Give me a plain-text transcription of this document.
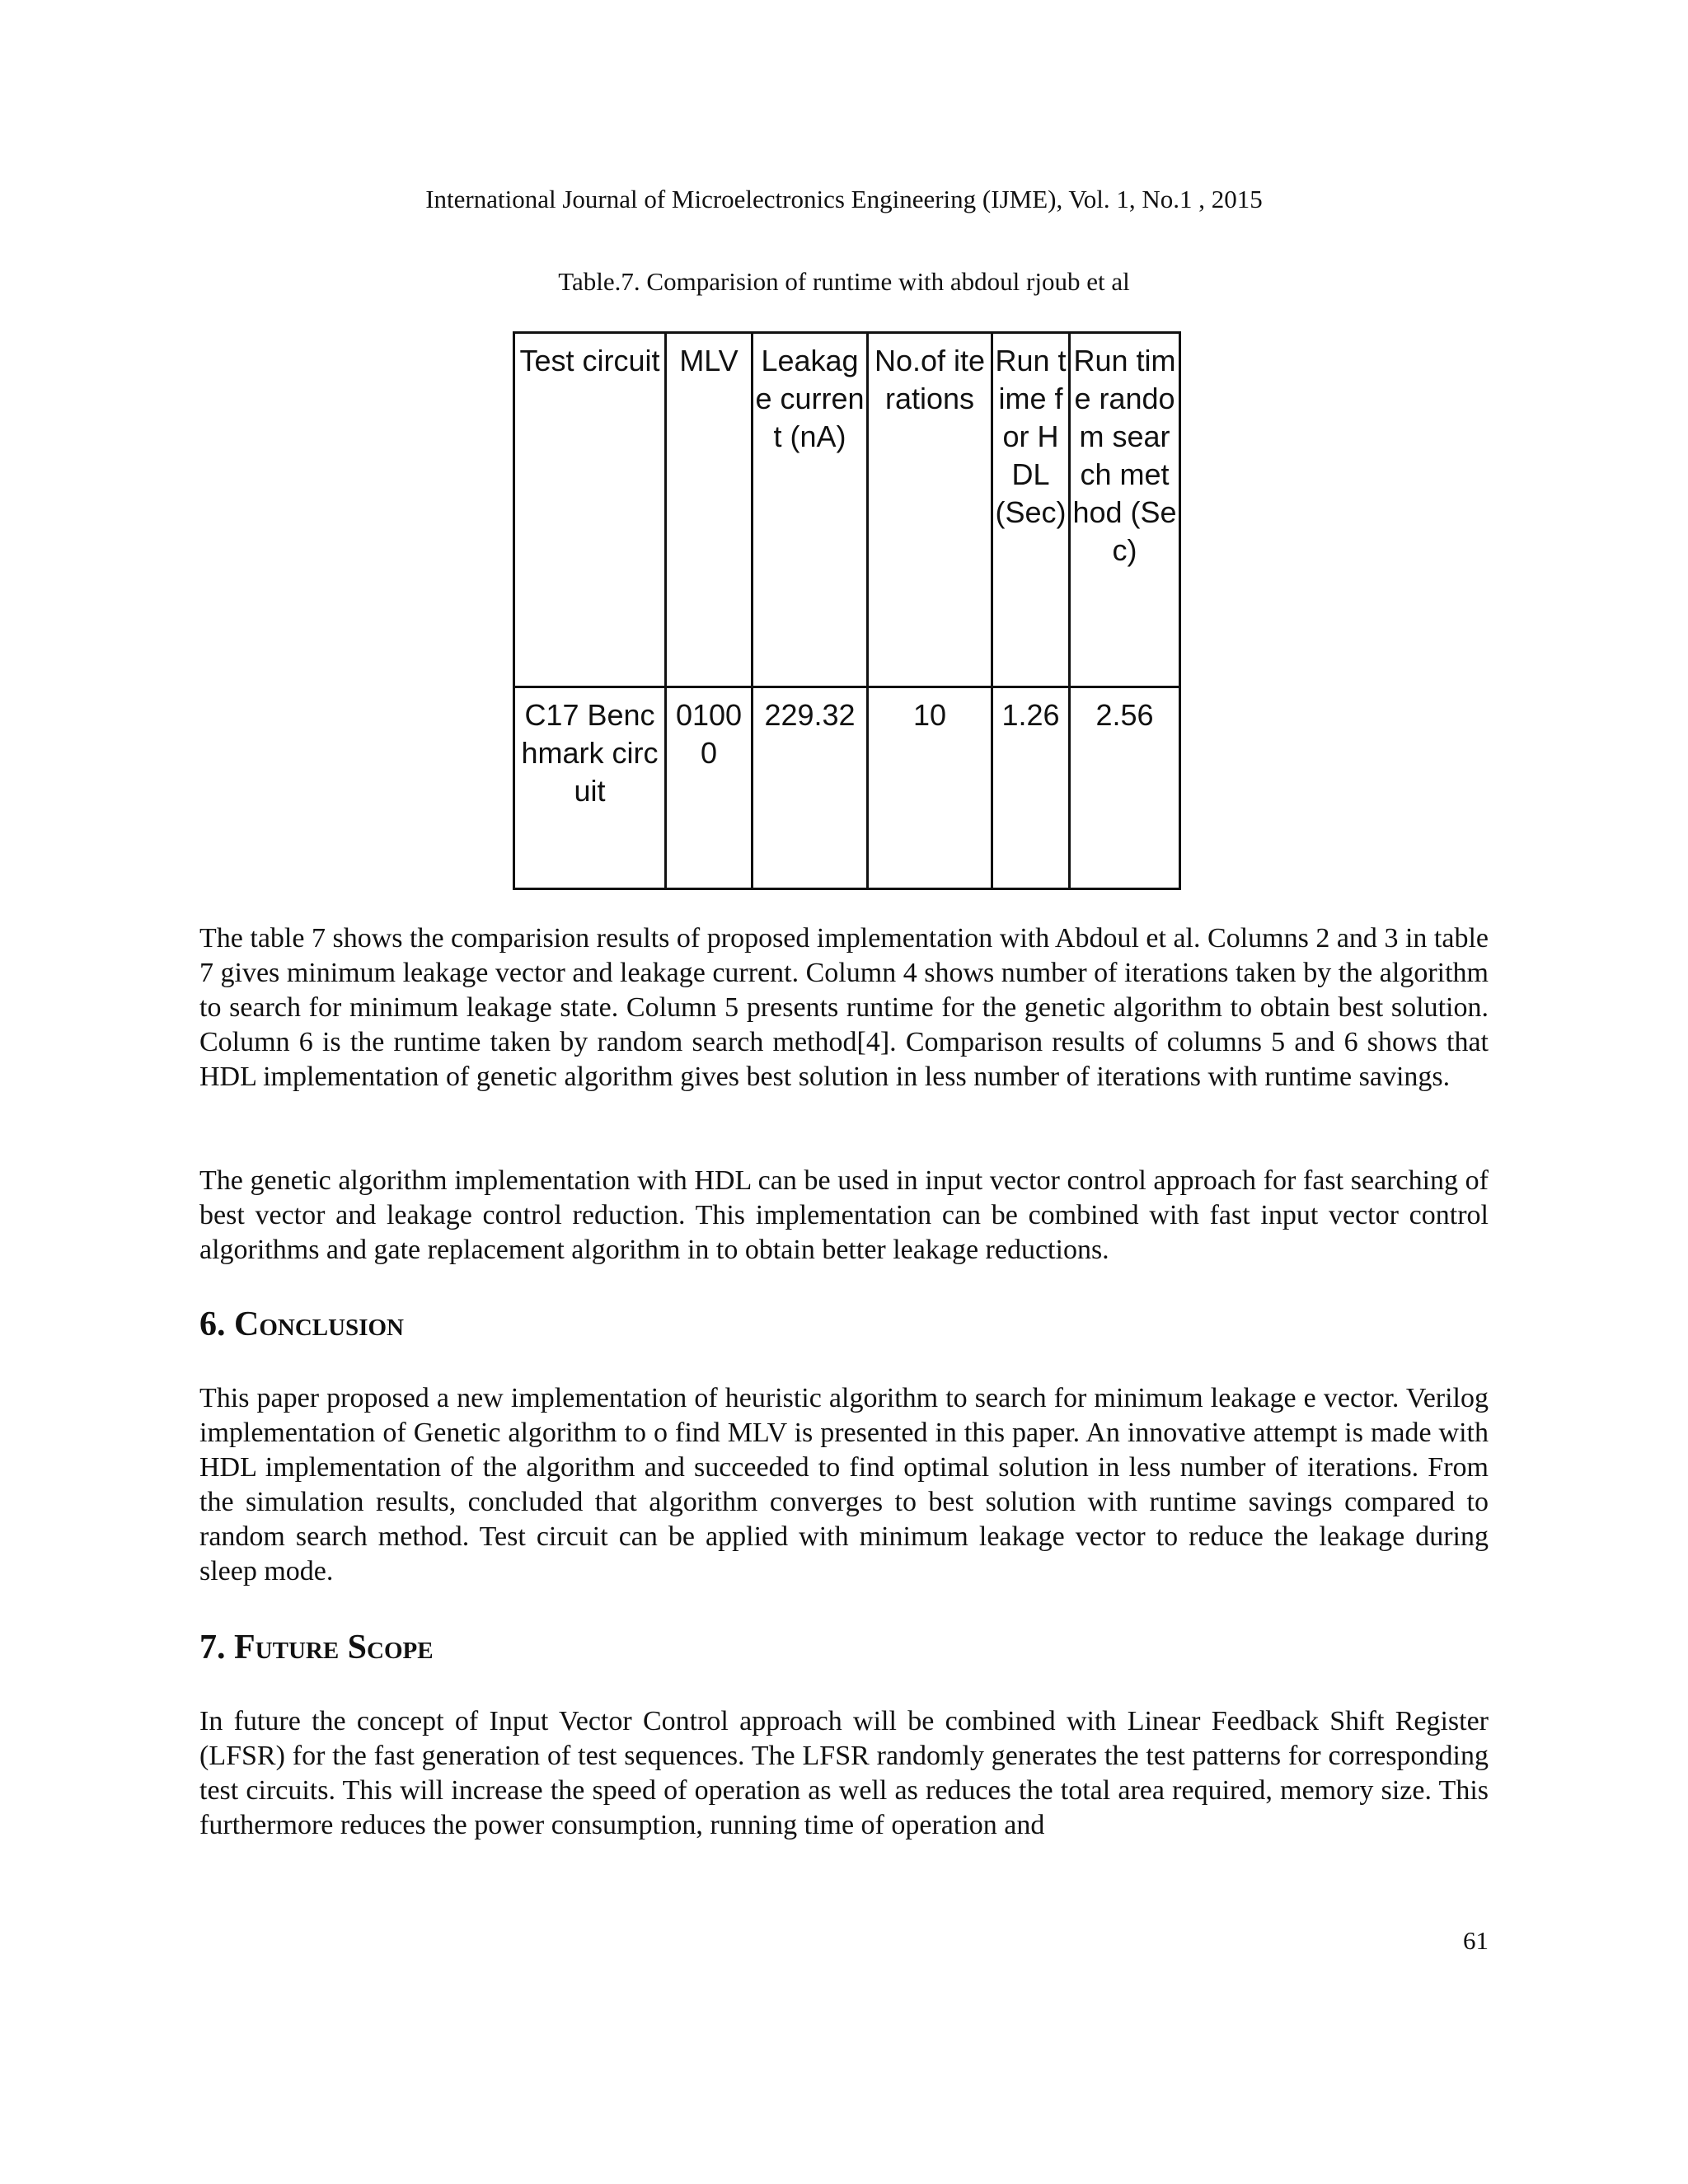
International Journal of Microelectronics Engineering (IJME), Vol. 1, No.1 , 2015
Table.7. Comparision of runtime with abdoul rjoub et al
Test circuit	MLV	Leakage current (nA)	No.of iterations	Run time for HDL (Sec)	Run time random search method (Sec)
C17 Benchmark circuit	01000	229.32	10	1.26	2.56

The table 7 shows the comparision results of proposed implementation with Abdoul et al. Columns 2 and 3 in table 7 gives minimum leakage vector and leakage current. Column 4 shows number of iterations taken by the algorithm to search for minimum leakage state. Column 5 presents runtime for the genetic algorithm to obtain best solution. Column 6 is the runtime taken by random search method[4]. Comparison results of columns 5 and 6 shows that HDL implementation of genetic algorithm gives best solution in less number of iterations with runtime savings.

The genetic algorithm implementation with HDL can be used in input vector control approach for fast searching of best vector and leakage control reduction. This implementation can be combined with fast input vector control algorithms and gate replacement algorithm in to obtain better leakage reductions.

6. Conclusion

This paper proposed a new implementation of heuristic algorithm to search for minimum leakage e vector. Verilog implementation of Genetic algorithm to o find MLV is presented in this paper. An innovative attempt is made with HDL implementation of the algorithm and succeeded to find optimal solution in less number of iterations. From the simulation results, concluded that algorithm converges to best solution with runtime savings compared to random search method. Test circuit can be applied with minimum leakage vector to reduce the leakage during sleep mode.

7. Future Scope

In future the concept of Input Vector Control approach will be combined with Linear Feedback Shift Register (LFSR) for the fast generation of test sequences. The LFSR randomly generates the test patterns for corresponding test circuits. This will increase the speed of operation as well as reduces the total area required, memory size. This furthermore reduces the power consumption, running time of operation and

61
